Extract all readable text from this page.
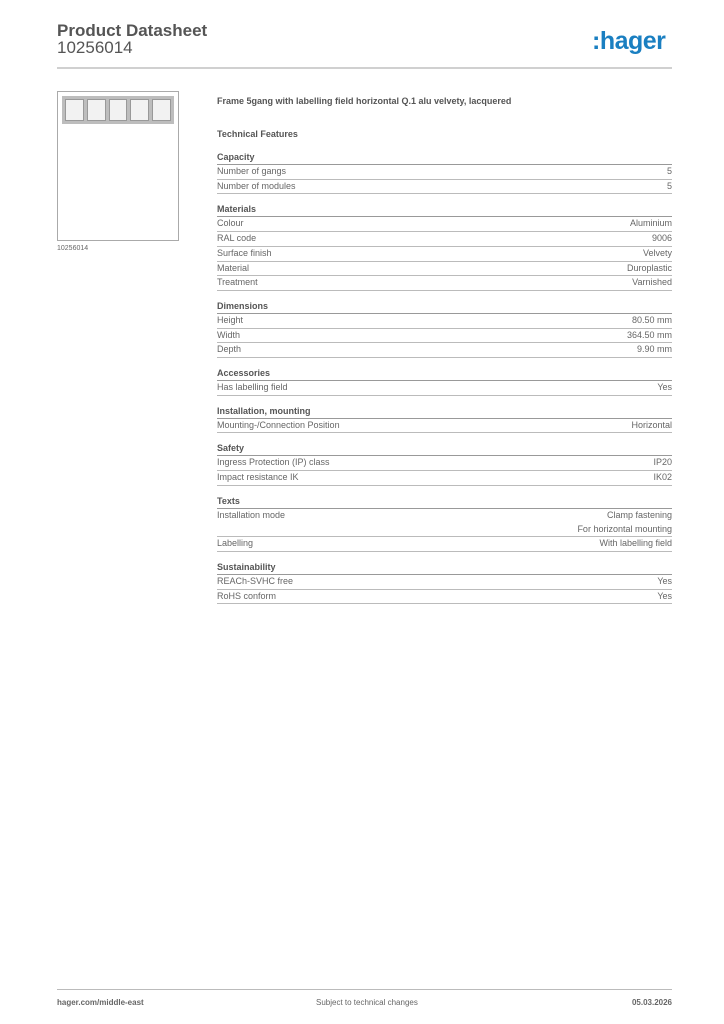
Product Datasheet
10256014	:hager
10256014
Frame 5gang with labelling field horizontal Q.1 alu velvety, lacquered
Technical Features
Capacity
Number of gangs	5
Number of modules	5
Materials
Colour	Aluminium
RAL code	9006
Surface finish	Velvety
Material	Duroplastic
Treatment	Varnished
Dimensions
Height	80.50 mm
Width	364.50 mm
Depth	9.90 mm
Accessories
Has labelling field	Yes
Installation, mounting
Mounting-/Connection Position	Horizontal
Safety
Ingress Protection (IP) class	IP20
Impact resistance IK	IK02
Texts
Installation mode	Clamp fastening
For horizontal mounting
Labelling	With labelling field
Sustainability
REACh-SVHC free	Yes
RoHS conform	Yes
hager.com/middle-east	Subject to technical changes	05.03.2026
